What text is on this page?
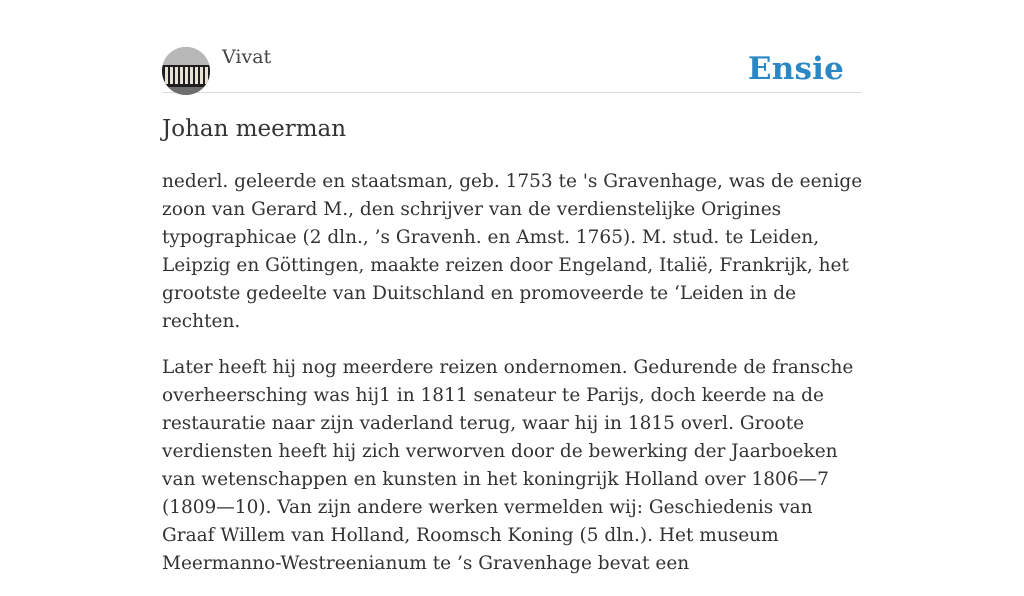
Vivat	Ensie
Johan meerman

nederl. geleerde en staatsman, geb. 1753 te 's Gravenhage, was de eenige zoon van Gerard M., den schrijver van de verdienstelijke Origines typographicae (2 dln., ’s Gravenh. en Amst. 1765). M. stud. te Leiden, Leipzig en Göttingen, maakte reizen door Engeland, Italië, Frankrijk, het grootste gedeelte van Duitschland en promoveerde te ‘Leiden in de rechten.

Later heeft hij nog meerdere reizen ondernomen. Gedurende de fransche overheersching was hij1 in 1811 senateur te Parijs, doch keerde na de restauratie naar zijn vaderland terug, waar hij in 1815 overl. Groote verdiensten heeft hij zich verworven door de bewerking der Jaarboeken van wetenschappen en kunsten in het koningrijk Holland over 1806—7 (1809—10). Van zijn andere werken vermelden wij: Geschiedenis van Graaf Willem van Holland, Roomsch Koning (5 dln.). Het museum Meermanno-Westreenianum te ’s Gravenhage bevat een
